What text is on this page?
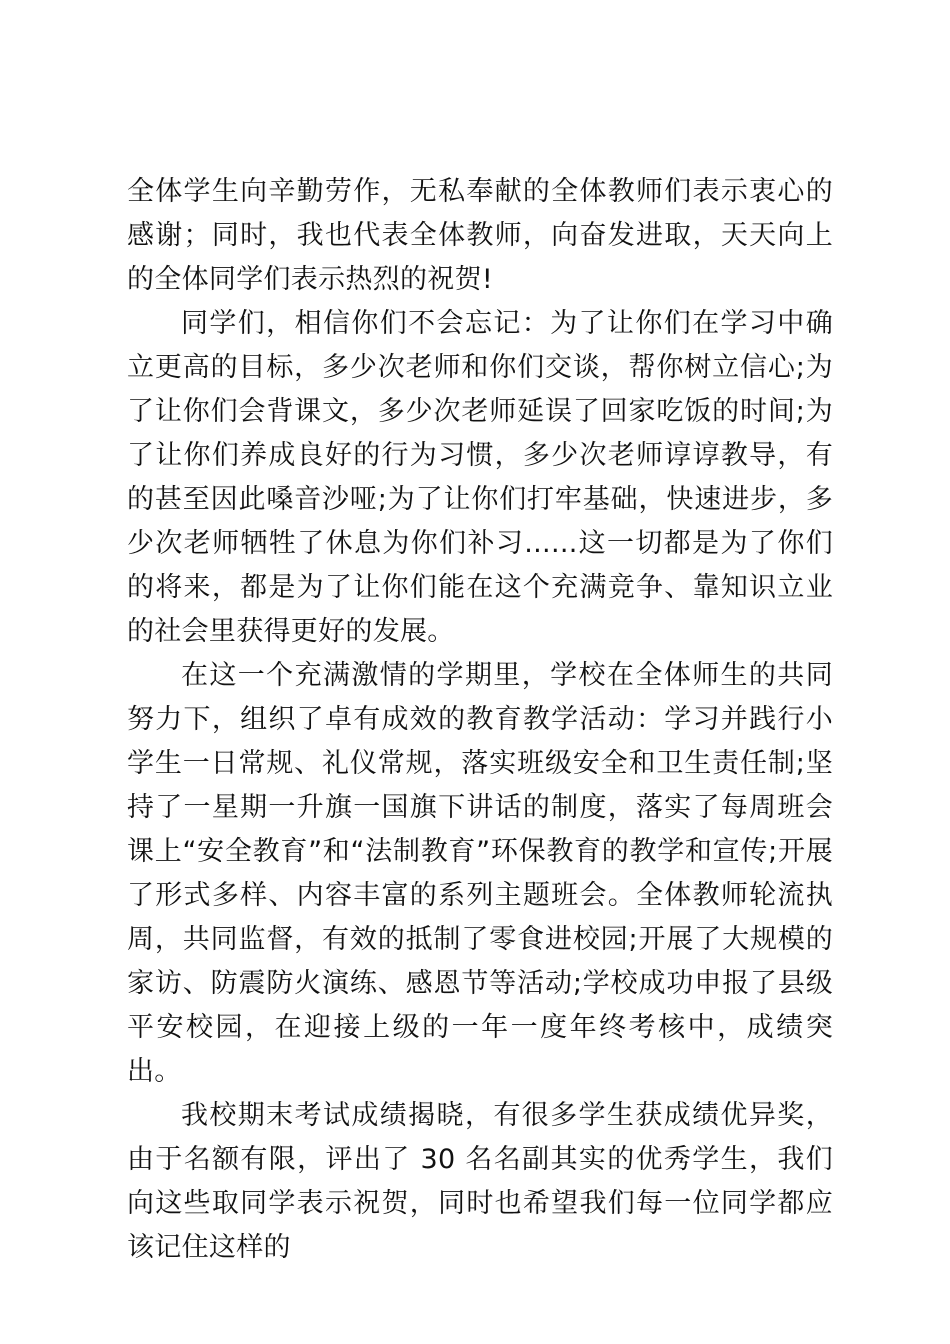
全体学生向辛勤劳作，无私奉献的全体教师们表示衷心的感谢；同时，我也代表全体教师，向奋发进取，天天向上的全体同学们表示热烈的祝贺!

同学们，相信你们不会忘记：为了让你们在学习中确立更高的目标，多少次老师和你们交谈，帮你树立信心;为了让你们会背课文，多少次老师延误了回家吃饭的时间;为了让你们养成良好的行为习惯，多少次老师谆谆教导，有的甚至因此嗓音沙哑;为了让你们打牢基础，快速进步，多少次老师牺牲了休息为你们补习......这一切都是为了你们的将来，都是为了让你们能在这个充满竞争、靠知识立业的社会里获得更好的发展。

在这一个充满激情的学期里，学校在全体师生的共同努力下，组织了卓有成效的教育教学活动：学习并践行小学生一日常规、礼仪常规，落实班级安全和卫生责任制;坚持了一星期一升旗一国旗下讲话的制度，落实了每周班会课上“安全教育”和“法制教育”环保教育的教学和宣传;开展了形式多样、内容丰富的系列主题班会。全体教师轮流执周，共同监督，有效的抵制了零食进校园;开展了大规模的家访、防震防火演练、感恩节等活动;学校成功申报了县级平安校园，在迎接上级的一年一度年终考核中，成绩突出。

我校期末考试成绩揭晓，有很多学生获成绩优异奖，由于名额有限，评出了 30 名名副其实的优秀学生，我们向这些取同学表示祝贺，同时也希望我们每一位同学都应该记住这样的
